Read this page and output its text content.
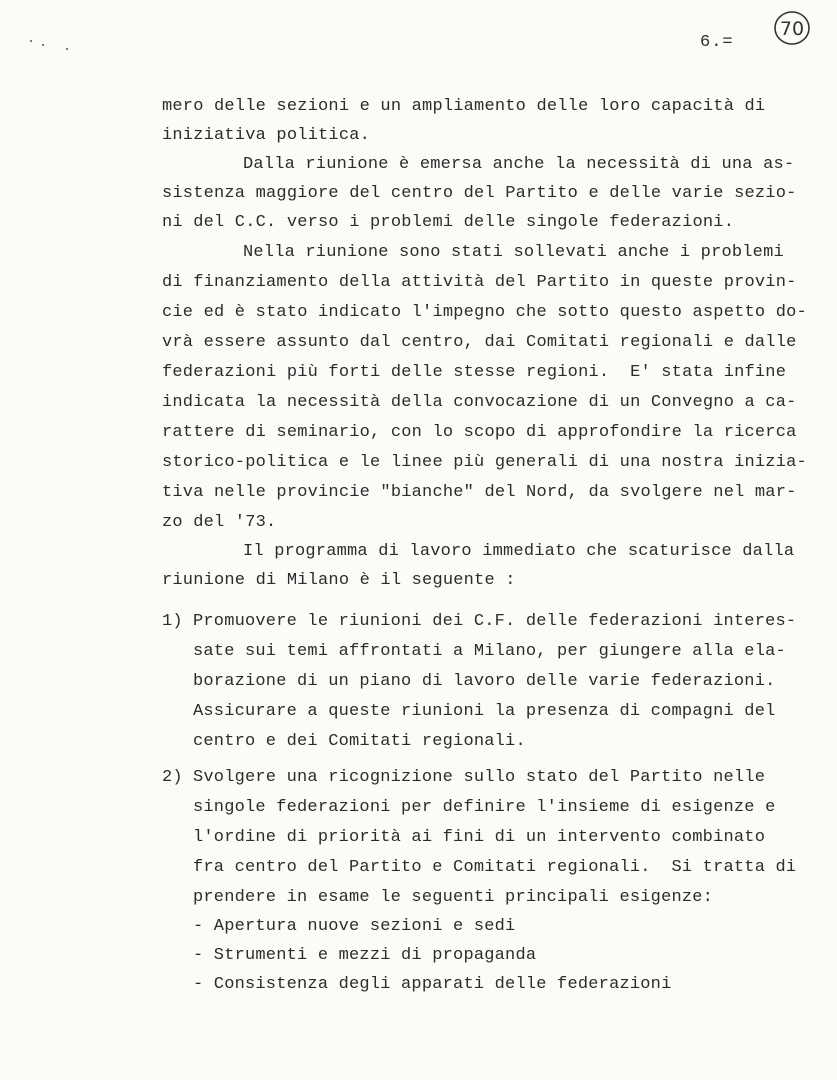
6.=
70
mero delle sezioni e un ampliamento delle loro capacità di
iniziativa politica.
Dalla riunione è emersa anche la necessità di una as-
sistenza maggiore del centro del Partito e delle varie sezio-
ni del C.C. verso i problemi delle singole federazioni.
Nella riunione sono stati sollevati anche i problemi
di finanziamento della attività del Partito in queste provin-
cie ed è stato indicato l'impegno che sotto questo aspetto do-
vrà essere assunto dal centro, dai Comitati regionali e dalle
federazioni più forti delle stesse regioni.  E' stata infine
indicata la necessità della convocazione di un Convegno a ca-
rattere di seminario, con lo scopo di approfondire la ricerca
storico-politica e le linee più generali di una nostra inizia-
tiva nelle provincie "bianche" del Nord, da svolgere nel mar-
zo del '73.
Il programma di lavoro immediato che scaturisce dalla
riunione di Milano è il seguente :
1) Promuovere le riunioni dei C.F. delle federazioni interes-
sate sui temi affrontati a Milano, per giungere alla ela-
borazione di un piano di lavoro delle varie federazioni.
Assicurare a queste riunioni la presenza di compagni del
centro e dei Comitati regionali.
2) Svolgere una ricognizione sullo stato del Partito nelle
singole federazioni per definire l'insieme di esigenze e
l'ordine di priorità ai fini di un intervento combinato
fra centro del Partito e Comitati regionali.  Si tratta di
prendere in esame le seguenti principali esigenze:
- Apertura nuove sezioni e sedi
- Strumenti e mezzi di propaganda
- Consistenza degli apparati delle federazioni
